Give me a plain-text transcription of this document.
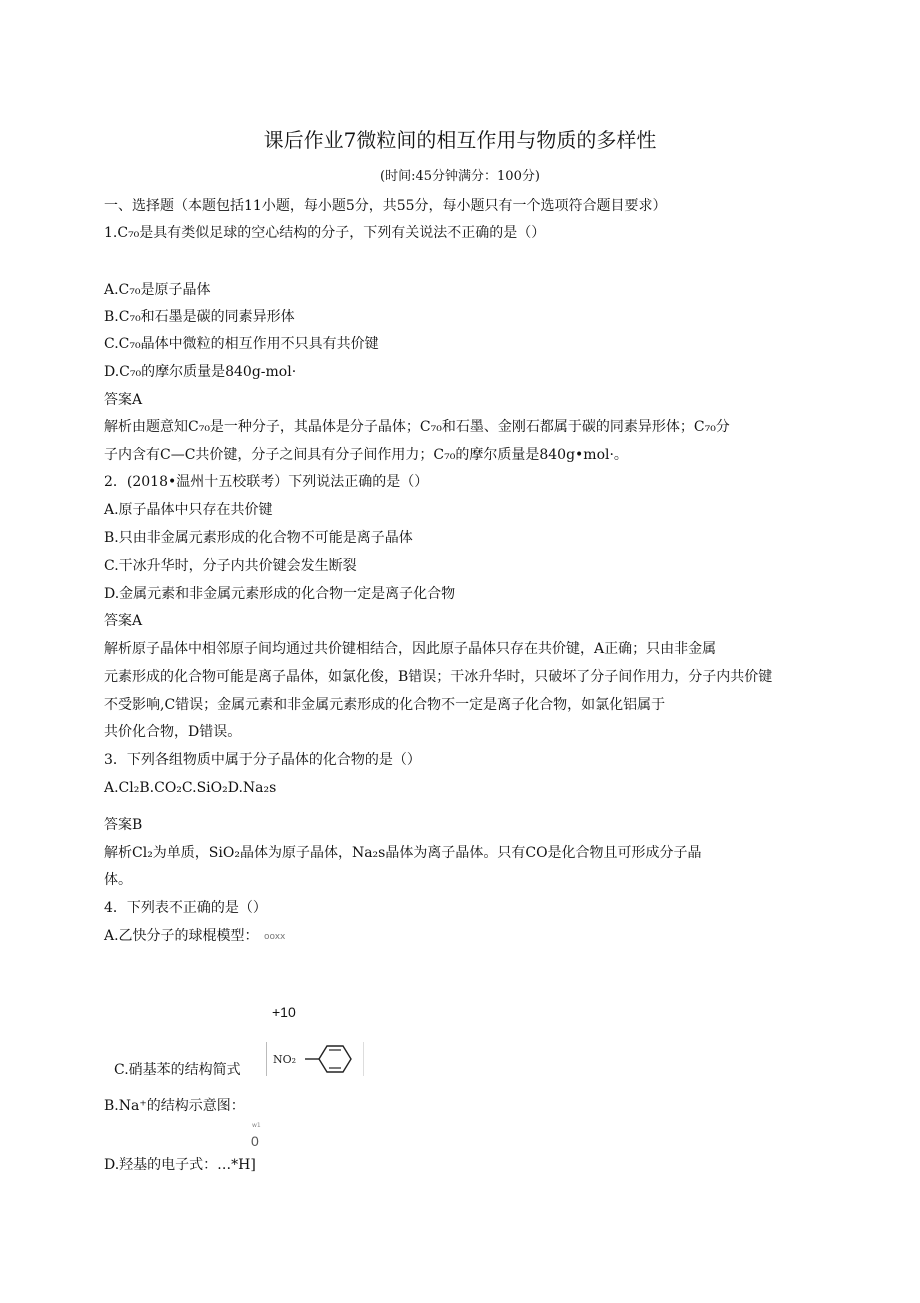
课后作业7微粒间的相互作用与物质的多样性
(时间:45分钟满分：100分)
一、选择题（本题包括11小题，每小题5分，共55分，每小题只有一个选项符合题目要求）
1.C₇₀是具有类似足球的空心结构的分子，下列有关说法不正确的是（）
A.C₇₀是原子晶体
B.C₇₀和石墨是碳的同素异形体
C.C₇₀晶体中微粒的相互作用不只具有共价键
D.C₇₀的摩尔质量是840g-mol·
答案A
解析由题意知C₇₀是一种分子，其晶体是分子晶体；C₇₀和石墨、金刚石都属于碳的同素异形体；C₇₀分
子内含有C—C共价键，分子之间具有分子间作用力；C₇₀的摩尔质量是840g•mol·。
2．(2018•温州十五校联考）下列说法正确的是（）
A.原子晶体中只存在共价键
B.只由非金属元素形成的化合物不可能是离子晶体
C.干冰升华时，分子内共价键会发生断裂
D.金属元素和非金属元素形成的化合物一定是离子化合物
答案A
解析原子晶体中相邻原子间均通过共价键相结合，因此原子晶体只存在共价键，A正确；只由非金属
元素形成的化合物可能是离子晶体，如氯化俊，B错误；干冰升华时，只破坏了分子间作用力，分子内共价键
不受影响,C错误；金属元素和非金属元素形成的化合物不一定是离子化合物，如氯化铝属于
共价化合物，D错误。
3．下列各组物质中属于分子晶体的化合物的是（）
A.Cl₂B.CO₂C.SiO₂D.Na₂s
答案B
解析Cl₂为单质，SiO₂晶体为原子晶体，Na₂s晶体为离子晶体。只有CO是化合物且可形成分子晶
体。
4．下列表不正确的是（）
A.乙快分子的球棍模型： ooxx
+10
C.硝基苯的结构简式
NO₂
B.Na⁺的结构示意图：
w1
0
D.羟基的电子式：…*H]
